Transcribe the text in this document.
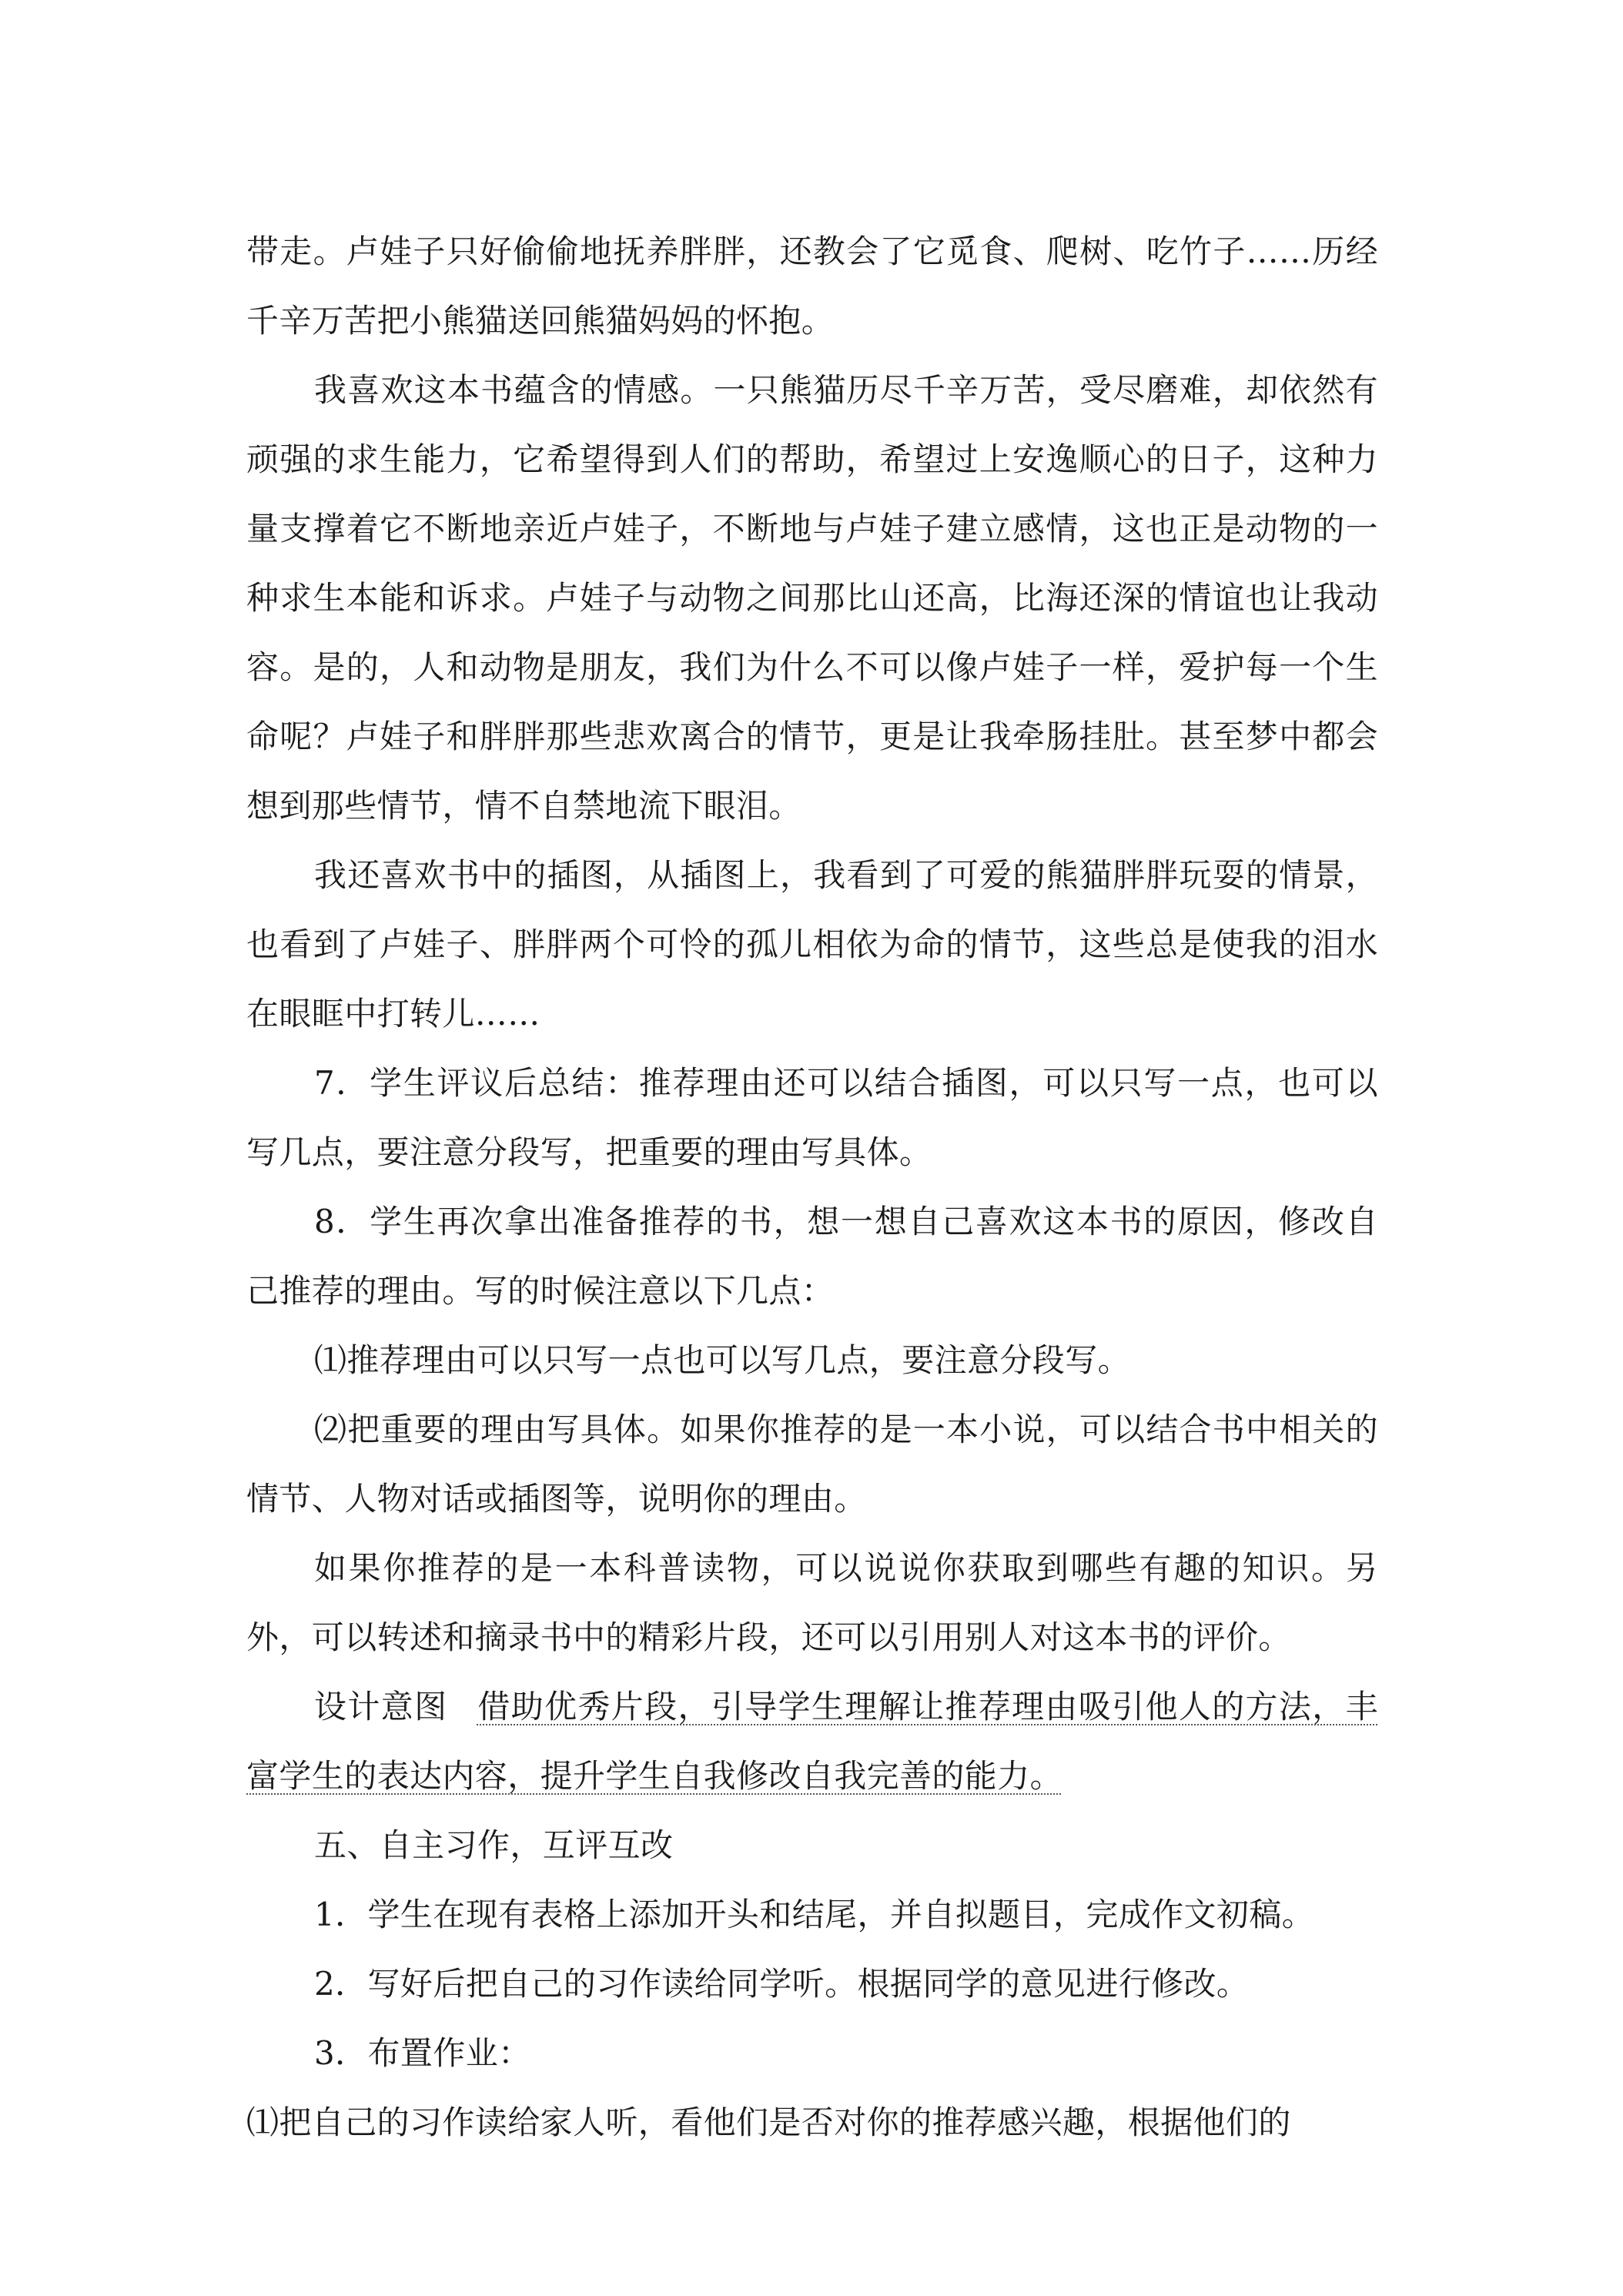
带走。卢娃子只好偷偷地抚养胖胖，还教会了它觅食、爬树、吃竹子……历经千辛万苦把小熊猫送回熊猫妈妈的怀抱。

我喜欢这本书蕴含的情感。一只熊猫历尽千辛万苦，受尽磨难，却依然有顽强的求生能力，它希望得到人们的帮助，希望过上安逸顺心的日子，这种力量支撑着它不断地亲近卢娃子，不断地与卢娃子建立感情，这也正是动物的一种求生本能和诉求。卢娃子与动物之间那比山还高，比海还深的情谊也让我动容。是的，人和动物是朋友，我们为什么不可以像卢娃子一样，爱护每一个生命呢？卢娃子和胖胖那些悲欢离合的情节，更是让我牵肠挂肚。甚至梦中都会想到那些情节，情不自禁地流下眼泪。

我还喜欢书中的插图，从插图上，我看到了可爱的熊猫胖胖玩耍的情景，也看到了卢娃子、胖胖两个可怜的孤儿相依为命的情节，这些总是使我的泪水在眼眶中打转儿……

7．学生评议后总结：推荐理由还可以结合插图，可以只写一点，也可以写几点，要注意分段写，把重要的理由写具体。

8．学生再次拿出准备推荐的书，想一想自己喜欢这本书的原因，修改自己推荐的理由。写的时候注意以下几点：

⑴推荐理由可以只写一点也可以写几点，要注意分段写。

⑵把重要的理由写具体。如果你推荐的是一本小说，可以结合书中相关的情节、人物对话或插图等，说明你的理由。

如果你推荐的是一本科普读物，可以说说你获取到哪些有趣的知识。另外，可以转述和摘录书中的精彩片段，还可以引用别人对这本书的评价。

设计意图 借助优秀片段，引导学生理解让推荐理由吸引他人的方法，丰富学生的表达内容，提升学生自我修改自我完善的能力。

五、自主习作，互评互改

1．学生在现有表格上添加开头和结尾，并自拟题目，完成作文初稿。

2．写好后把自己的习作读给同学听。根据同学的意见进行修改。

3．布置作业：

⑴把自己的习作读给家人听，看他们是否对你的推荐感兴趣，根据他们的
